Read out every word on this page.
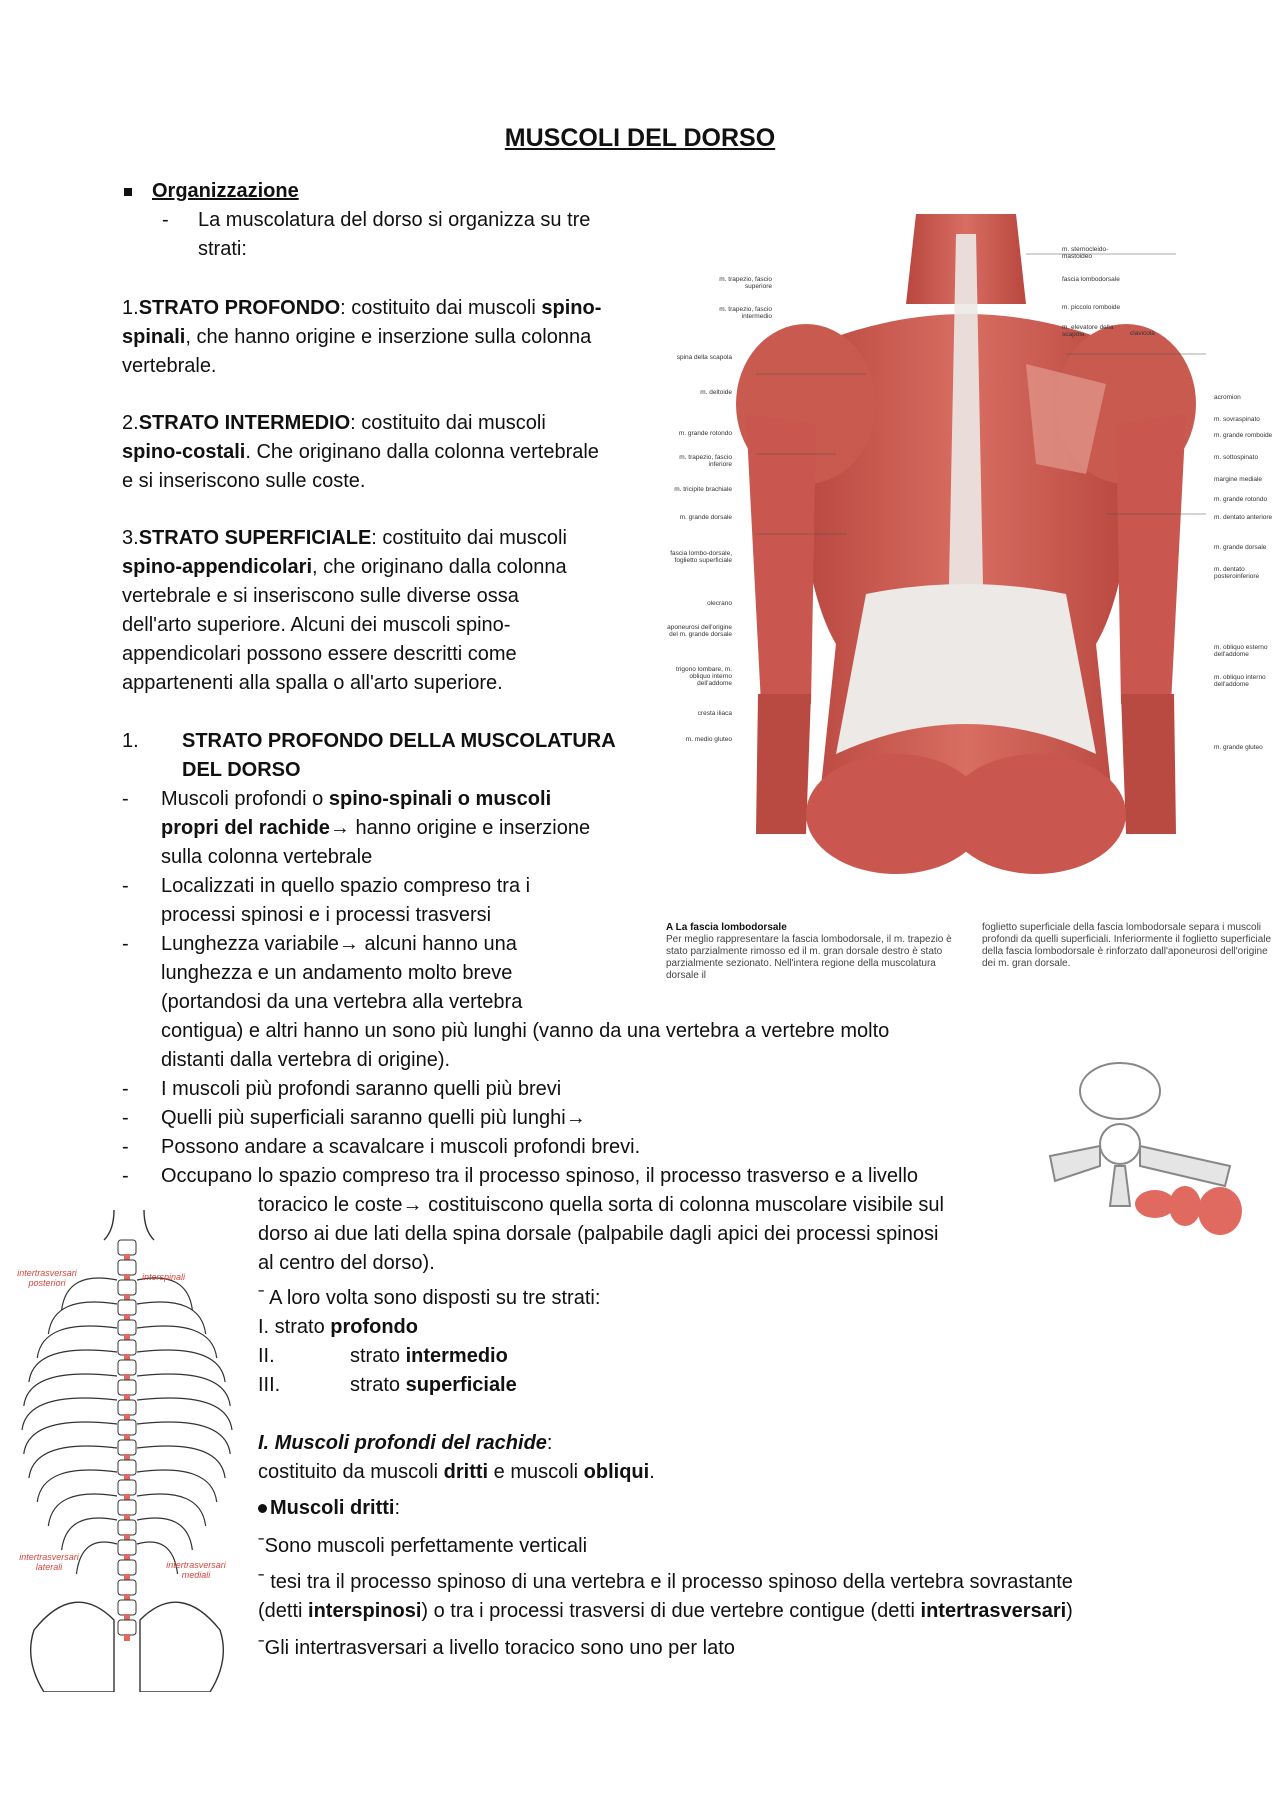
MUSCOLI DEL DORSO
Organizzazione
- La muscolatura del dorso si organizza su tre
strati:
1.STRATO PROFONDO: costituito dai muscoli spino-
spinali, che hanno origine e inserzione sulla colonna
vertebrale.
2.STRATO INTERMEDIO: costituito dai muscoli
spino-costali. Che originano dalla colonna vertebrale
e si inseriscono sulle coste.
3.STRATO SUPERFICIALE: costituito dai muscoli
spino-appendicolari, che originano dalla colonna
vertebrale e si inseriscono sulle diverse ossa
dell'arto superiore. Alcuni dei muscoli spino-
appendicolari possono essere descritti come
appartenenti alla spalla o all'arto superiore.
1. STRATO PROFONDO DELLA MUSCOLATURA
DEL DORSO
-
-
-
-
-
-
-
Muscoli profondi o spino-spinali o muscoli
propri del rachide→ hanno origine e inserzione
sulla colonna vertebrale
Localizzati in quello spazio compreso tra i
processi spinosi e i processi trasversi
Lunghezza variabile→ alcuni hanno una
lunghezza e un andamento molto breve
(portandosi da una vertebra alla vertebra
contigua) e altri hanno un sono più lunghi (vanno da una vertebra a vertebre molto
distanti dalla vertebra di origine).
I muscoli più profondi saranno quelli più brevi
Quelli più superficiali saranno quelli più lunghi→
Possono andare a scavalcare i muscoli profondi brevi.
Occupano lo spazio compreso tra il processo spinoso, il processo trasverso e a livello
toracico le coste→ costituiscono quella sorta di colonna muscolare visibile sul
dorso ai due lati della spina dorsale (palpabile dagli apici dei processi spinosi
al centro del dorso).
ˉ A loro volta sono disposti su tre strati:
I. strato profondo
II.	strato intermedio
III.	strato superficiale
I. Muscoli profondi del rachide:
costituito da muscoli dritti e muscoli obliqui.
Muscoli dritti:
ˉSono muscoli perfettamente verticali
ˉ tesi tra il processo spinoso di una vertebra e il processo spinoso della vertebra sovrastante
(detti interspinosi) o tra i processi trasversi di due vertebre contigue (detti intertrasversari)
ˉGli intertrasversari a livello toracico sono uno per lato
m. trapezio, fascio superiore
m. trapezio, fascio intermedio
spina della scapola
m. deltoide
m. grande rotondo
m. trapezio, fascio inferiore
m. tricipite brachiale
m. grande dorsale
fascia lombo-dorsale, foglietto superficiale
olecrano
aponeurosi dell'origine del m. grande dorsale
trigono lombare, m. obliquo interno dell'addome
cresta iliaca
m. medio gluteo
m. sternocleido-mastoideo
fascia lombodorsale
m. piccolo romboide
m. elevatore della scapola	clavicola
acromion
m. sovraspinato
m. grande romboide
m. sottospinato
margine mediale
m. grande rotondo
m. dentato anteriore
m. grande dorsale
m. dentato posteroinferiore
m. obliquo esterno dell'addome
m. obliquo interno dell'addome
m. grande gluteo
A La fascia lombodorsale
Per meglio rappresentare la fascia lombodorsale, il m. trapezio è stato parzialmente rimosso ed il m. gran dorsale destro è stato parzialmente sezionato. Nell'intera regione della muscolatura dorsale il
foglietto superficiale della fascia lombodorsale separa i muscoli profondi da quelli superficiali. Inferiormente il foglietto superficiale della fascia lombodorsale è rinforzato dall'aponeurosi dell'origine dei m. gran dorsale.
intertrasversari posteriori
interspinali
intertrasversari laterali	intertrasversari mediali
